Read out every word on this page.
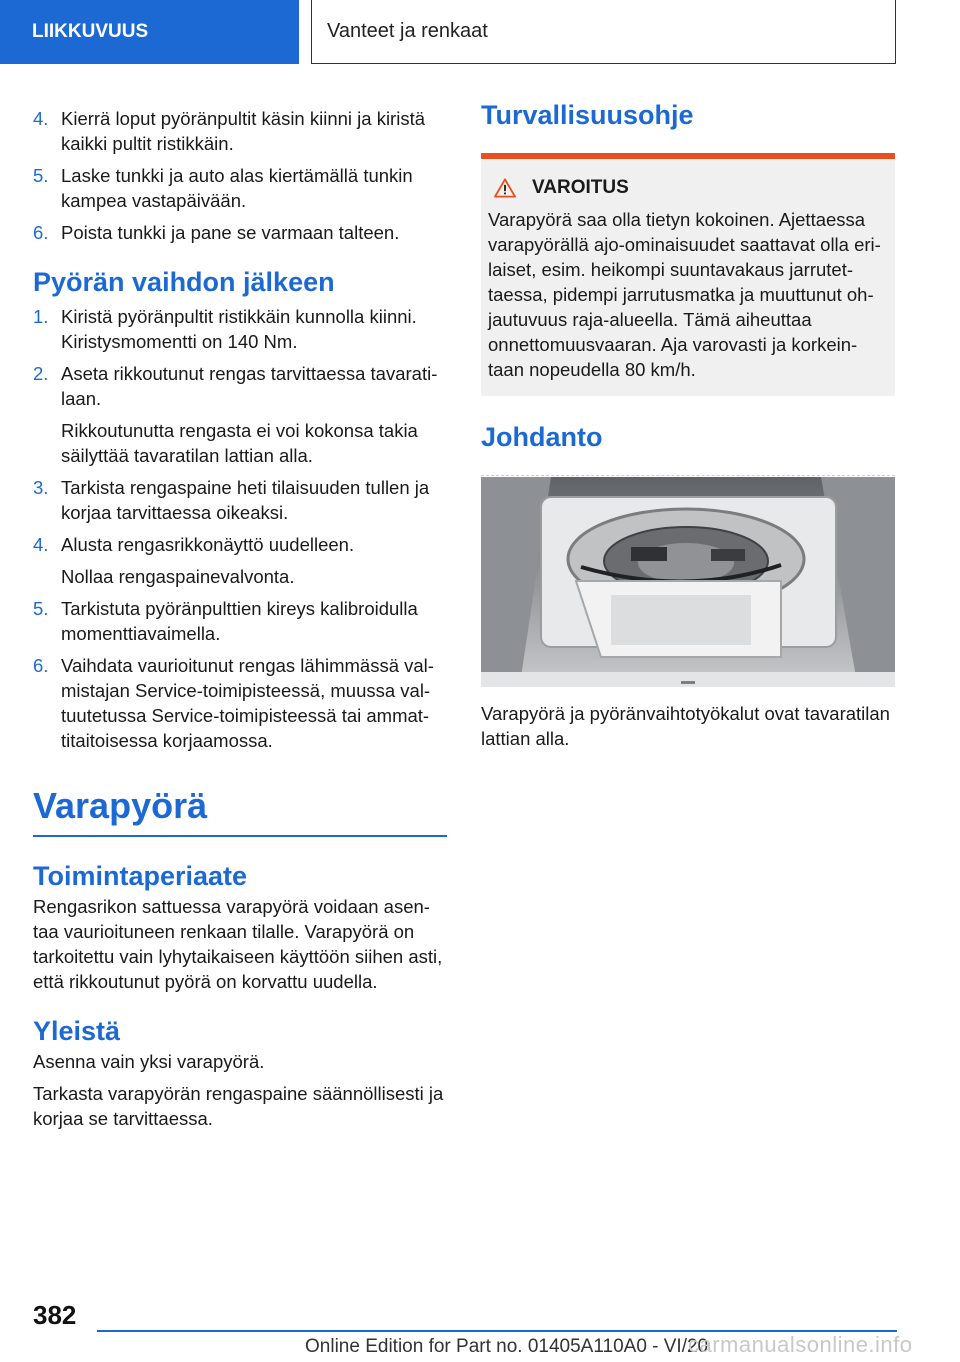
LIIKKUVUUS	Vanteet ja renkaat
4. Kierrä loput pyöränpultit käsin kiinni ja kiristä kaikki pultit ristikkäin.
5. Laske tunkki ja auto alas kiertämällä tunkin kampea vastapäivään.
6. Poista tunkki ja pane se varmaan talteen.
Pyörän vaihdon jälkeen
1. Kiristä pyöränpultit ristikkäin kunnolla kiinni. Kiristysmomentti on 140 Nm.
2. Aseta rikkoutunut rengas tarvittaessa tavarati-laan.
Rikkoutunutta rengasta ei voi kokonsa takia säilyttää tavaratilan lattian alla.
3. Tarkista rengaspaine heti tilaisuuden tullen ja korjaa tarvittaessa oikeaksi.
4. Alusta rengasrikkonäyttö uudelleen.
Nollaa rengaspainevalvonta.
5. Tarkistuta pyöränpulttien kireys kalibroidulla momenttiavaimella.
6. Vaihdata vaurioitunut rengas lähimmässä val-mistajan Service-toimipisteessä, muussa val-tuutetussa Service-toimipisteessä tai ammat-titaitoisessa korjaamossa.
Varapyörä
Toimintaperiaate

Rengasrikon sattuessa varapyörä voidaan asen-taa vaurioituneen renkaan tilalle. Varapyörä on tarkoitettu vain lyhytaikaiseen käyttöön siihen asti, että rikkoutunut pyörä on korvattu uudella.

Yleistä

Asenna vain yksi varapyörä.

Tarkasta varapyörän rengaspaine säännöllisesti ja korjaa se tarvittaessa.

Turvallisuusohje
VAROITUS
Varapyörä saa olla tietyn kokoinen. Ajettaessa varapyörällä ajo-ominaisuudet saattavat olla eri-laiset, esim. heikompi suuntavakaus jarrutet-taessa, pidempi jarrutusmatka ja muuttunut oh-jautuvuus raja-alueella. Tämä aiheuttaa onnettomuusvaaran. Aja varovasti ja korkein-taan nopeudella 80 km/h.
Johdanto

Varapyörä ja pyöränvaihtotyökalut ovat tavaratilan lattian alla.

382
Online Edition for Part no. 01405A110A0 - VI/20
carmanualsonline.info
